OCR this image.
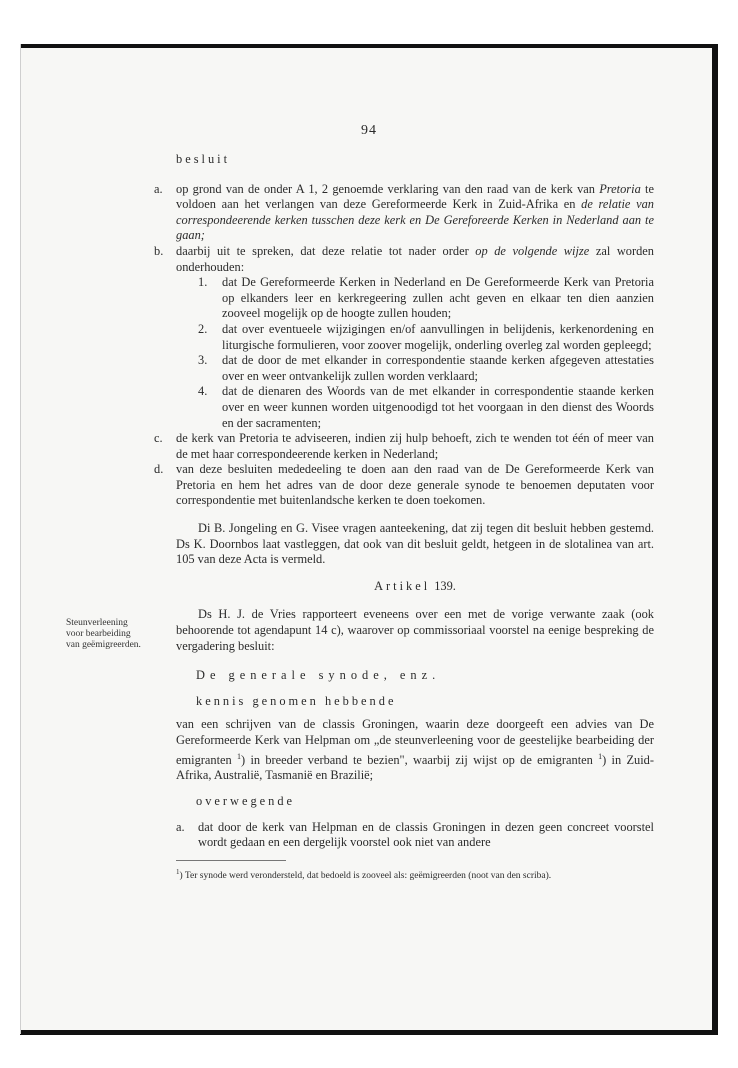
94
besluit
a.	op grond van de onder A 1, 2 genoemde verklaring van den raad van de kerk van Pretoria te voldoen aan het verlangen van deze Gereformeerde Kerk in Zuid-Afrika en de relatie van correspondeerende kerken tusschen deze kerk en De Gereforeerde Kerken in Nederland aan te gaan;
b.	daarbij uit te spreken, dat deze relatie tot nader order op de volgende wijze zal worden onderhouden:
1.	dat De Gereformeerde Kerken in Nederland en De Gereformeerde Kerk van Pretoria op elkanders leer en kerkregeering zullen acht geven en elkaar ten dien aanzien zooveel mogelijk op de hoogte zullen houden;
2.	dat over eventueele wijzigingen en/of aanvullingen in belijdenis, kerkenordening en liturgische formulieren, voor zoover mogelijk, onderling overleg zal worden gepleegd;
3.	dat de door de met elkander in correspondentie staande kerken afgegeven attestaties over en weer ontvankelijk zullen worden verklaard;
4.	dat de dienaren des Woords van de met elkander in correspondentie staande kerken over en weer kunnen worden uitgenoodigd tot het voorgaan in den dienst des Woords en der sacramenten;
c.	de kerk van Pretoria te adviseeren, indien zij hulp behoeft, zich te wenden tot één of meer van de met haar correspondeerende kerken in Nederland;
d.	van deze besluiten mededeeling te doen aan den raad van de De Gereformeerde Kerk van Pretoria en hem het adres van de door deze generale synode te benoemen deputaten voor correspondentie met buitenlandsche kerken te doen toekomen.

Di B. Jongeling en G. Visee vragen aanteekening, dat zij tegen dit besluit hebben gestemd. Ds K. Doornbos laat vastleggen, dat ook van dit besluit geldt, hetgeen in de slotalinea van art. 105 van deze Acta is vermeld.

Artikel 139.

Ds H. J. de Vries rapporteert eveneens over een met de vorige verwante zaak (ook behoorende tot agendapunt 14 c), waarover op commissoriaal voorstel na eenige bespreking de vergadering besluit:

De generale synode, enz.
kennis genomen hebbende

van een schrijven van de classis Groningen, waarin deze doorgeeft een advies van De Gereformeerde Kerk van Helpman om „de steunverleening voor de geestelijke bearbeiding der emigranten $^1$) in breeder verband te bezien", waarbij zij wijst op de emigranten $^1$) in Zuid-Afrika, Australië, Tasmanië en Brazilië;

overwegende
a.	dat door de kerk van Helpman en de classis Groningen in dezen geen concreet voorstel wordt gedaan en een dergelijk voorstel ook niet van andere
Steunverleening
voor bearbeiding
van geëmigreerden.
$^1$) Ter synode werd verondersteld, dat bedoeld is zooveel als: geëmigreerden (noot van den scriba).
